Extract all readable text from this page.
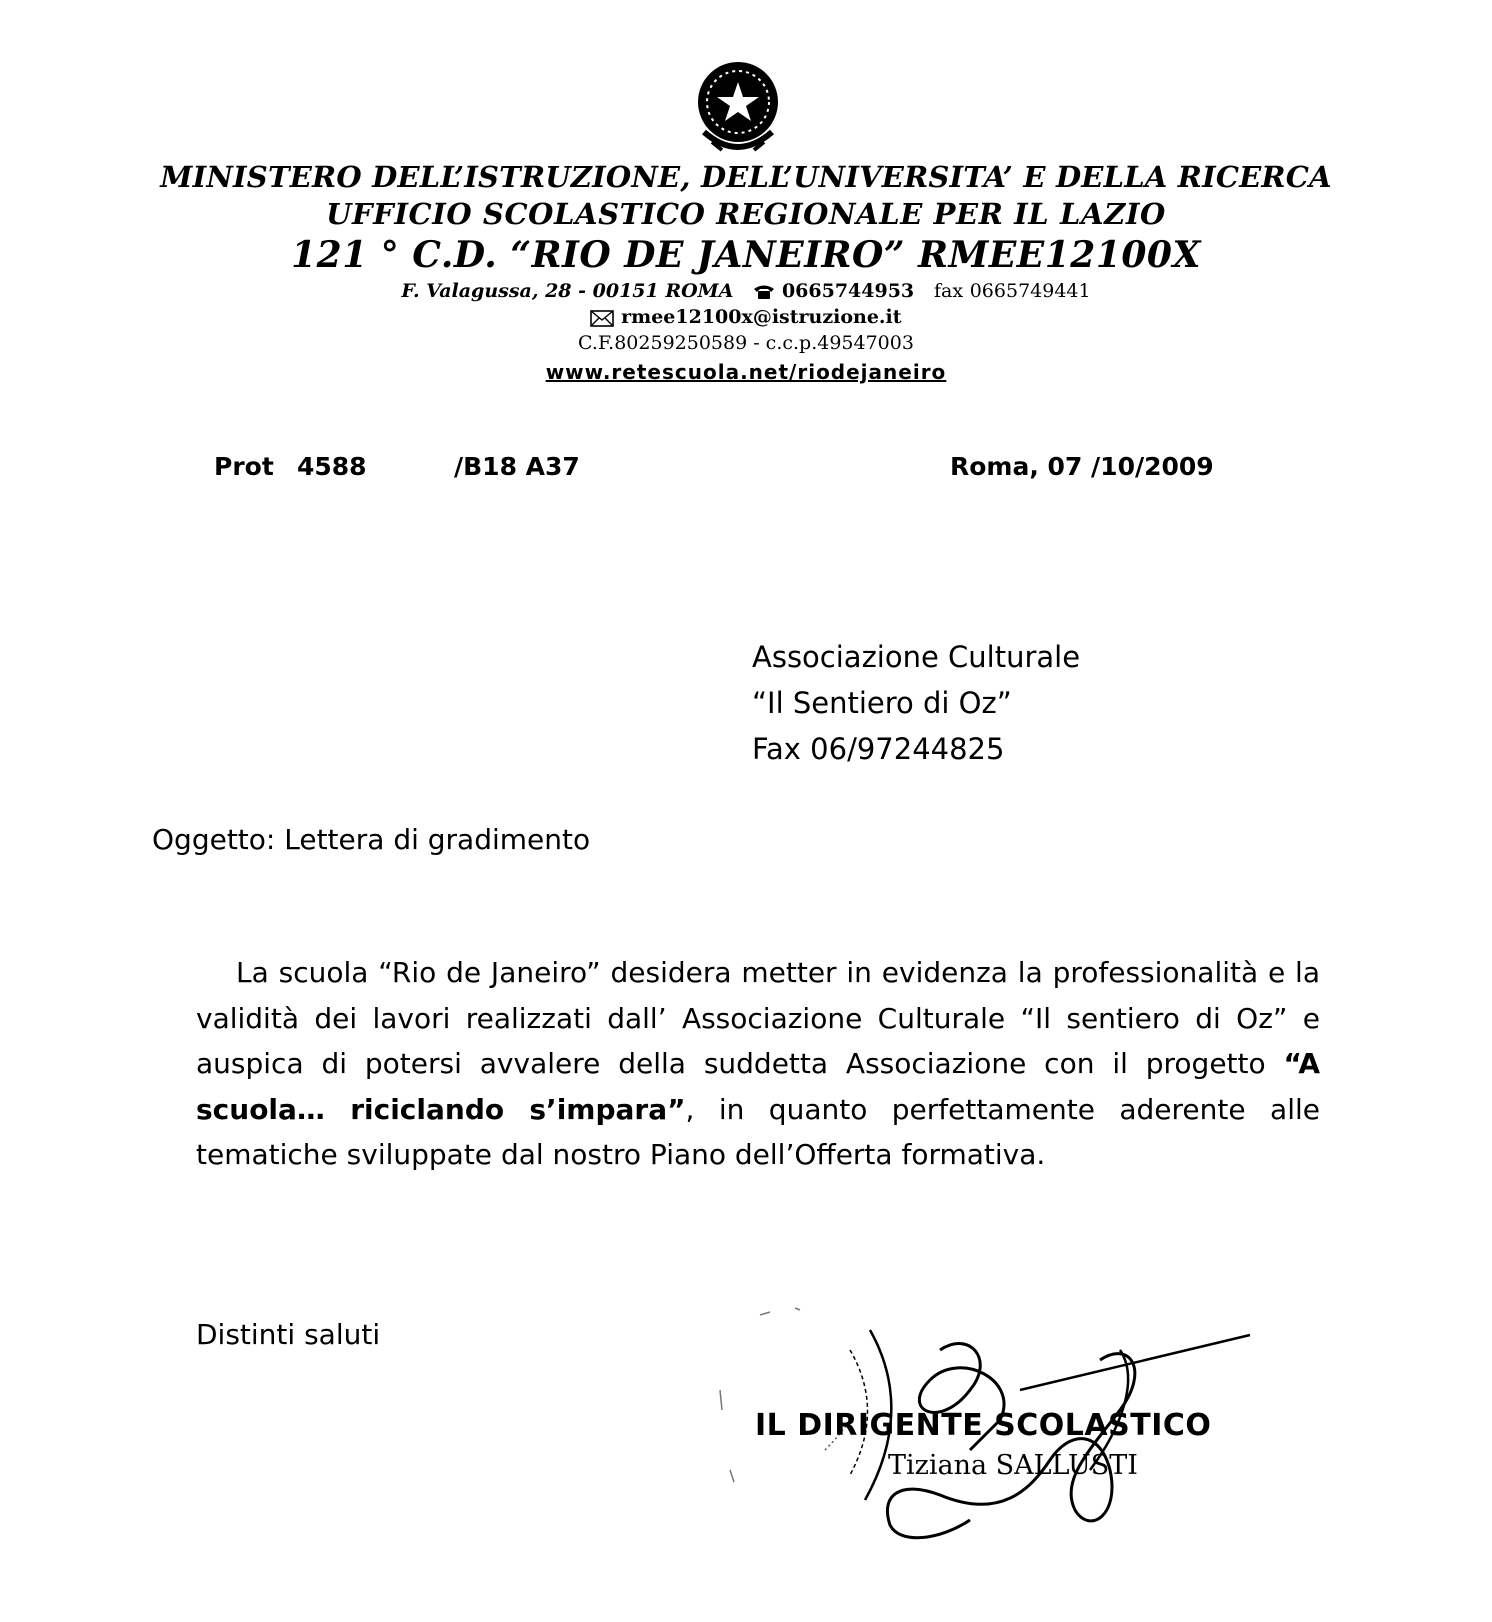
MINISTERO DELL’ISTRUZIONE, DELL’UNIVERSITA’ E DELLA RICERCA
UFFICIO SCOLASTICO REGIONALE PER IL LAZIO
121 ° C.D. “RIO DE JANEIRO” RMEE12100X
F. Valagussa, 28 - 00151 ROMA	0665744953 fax 0665749441
rmee12100x@istruzione.it
C.F.80259250589 - c.c.p.49547003
www.retescuola.net/riodejaneiro
Prot 4588	/B18 A37	Roma, 07 /10/2009
Associazione Culturale
“Il Sentiero di Oz”
Fax 06/97244825
Oggetto: Lettera di gradimento
La scuola “Rio de Janeiro” desidera metter in evidenza la professionalità e la validità dei lavori realizzati dall’ Associazione Culturale “Il sentiero di Oz” e auspica di potersi avvalere della suddetta Associazione con il progetto “A scuola… riciclando s’impara”, in quanto perfettamente aderente alle tematiche sviluppate dal nostro Piano dell’Offerta formativa.
Distinti saluti
IL DIRIGENTE SCOLASTICO
Tiziana SALLUSTI
